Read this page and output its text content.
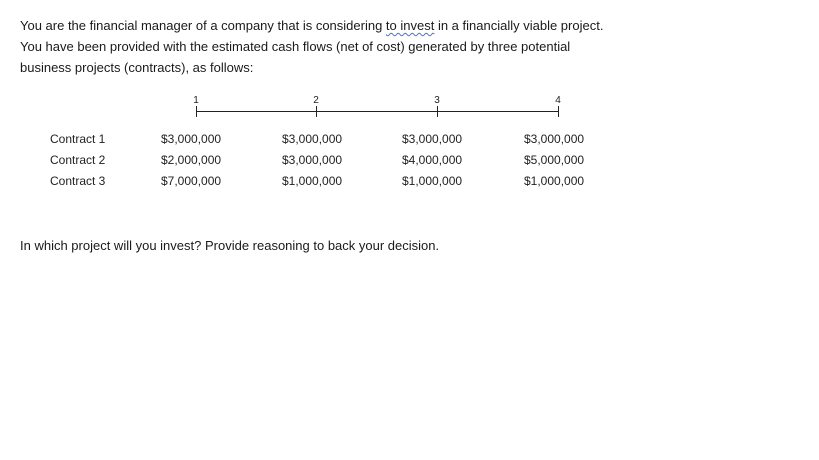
You are the financial manager of a company that is considering to invest in a financially viable project.

You have been provided with the estimated cash flows (net of cost) generated by three potential

business projects (contracts), as follows:

1	2	3	4
Contract 1	$3,000,000	$3,000,000	$3,000,000	$3,000,000
Contract 2	$2,000,000	$3,000,000	$4,000,000	$5,000,000
Contract 3	$7,000,000	$1,000,000	$1,000,000	$1,000,000

In which project will you invest? Provide reasoning to back your decision.
